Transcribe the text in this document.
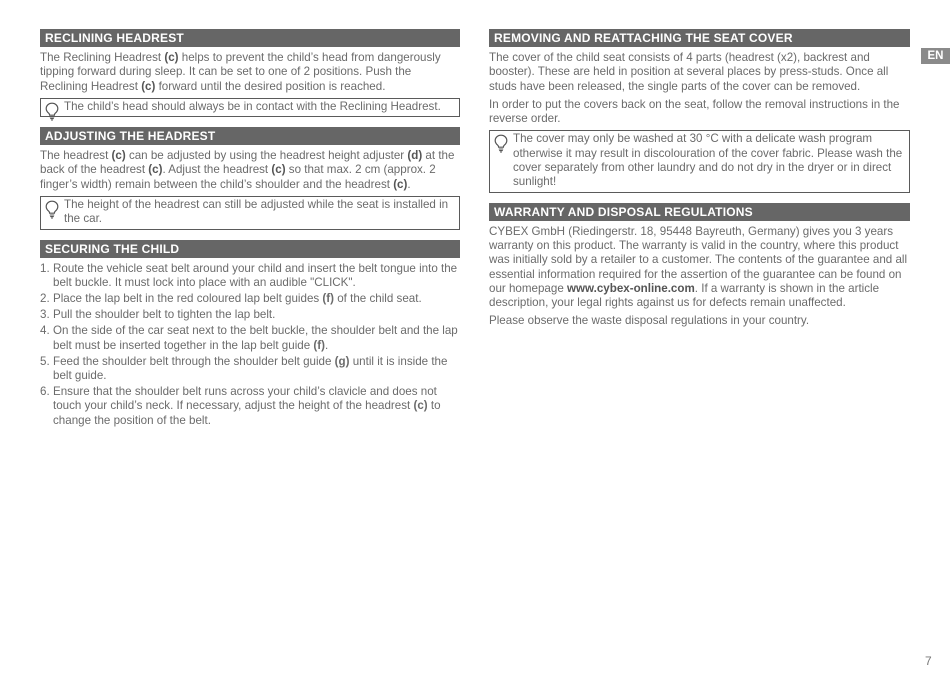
EN
RECLINING HEADREST

The Reclining Headrest (c) helps to prevent the child’s head from dangerously tipping forward during sleep. It can be set to one of 2 positions. Push the Reclining Headrest (c) forward until the desired position is reached.

The child’s head should always be in contact with the Reclining Headrest.
ADJUSTING THE HEADREST

The headrest (c) can be adjusted by using the headrest height adjuster (d) at the back of the headrest (c). Adjust the headrest (c) so that max. 2 cm (approx. 2 finger’s width) remain between the child’s shoulder and the headrest (c).

The height of the headrest can still be adjusted while the seat is installed in the car.
SECURING THE CHILD
1. Route the vehicle seat belt around your child and insert the belt tongue into the belt buckle. It must lock into place with an audible "CLICK".
2. Place the lap belt in the red coloured lap belt guides (f) of the child seat.
3. Pull the shoulder belt to tighten the lap belt.
4. On the side of the car seat next to the belt buckle, the shoulder belt and the lap belt must be inserted together in the lap belt guide (f).
5. Feed the shoulder belt through the shoulder belt guide (g) until it is inside the belt guide.
6. Ensure that the shoulder belt runs across your child’s clavicle and does not touch your child’s neck. If necessary, adjust the height of the headrest (c) to change the position of the belt.
REMOVING AND REATTACHING THE SEAT COVER

The cover of the child seat consists of 4 parts (headrest (x2), backrest and booster). These are held in position at several places by press-studs. Once all studs have been released, the single parts of the cover can be removed.

In order to put the covers back on the seat, follow the removal instructions in the reverse order.

The cover may only be washed at 30 °C with a delicate wash program otherwise it may result in discolouration of the cover fabric. Please wash the cover separately from other laundry and do not dry in the dryer or in direct sunlight!
WARRANTY AND DISPOSAL REGULATIONS

CYBEX GmbH (Riedingerstr. 18, 95448 Bayreuth, Germany) gives you 3 years warranty on this product. The warranty is valid in the country, where this product was initially sold by a retailer to a customer. The contents of the guarantee and all essential information required for the assertion of the guarantee can be found on our homepage www.cybex-online.com. If a warranty is shown in the article description, your legal rights against us for defects remain unaffected.

Please observe the waste disposal regulations in your country.

7
